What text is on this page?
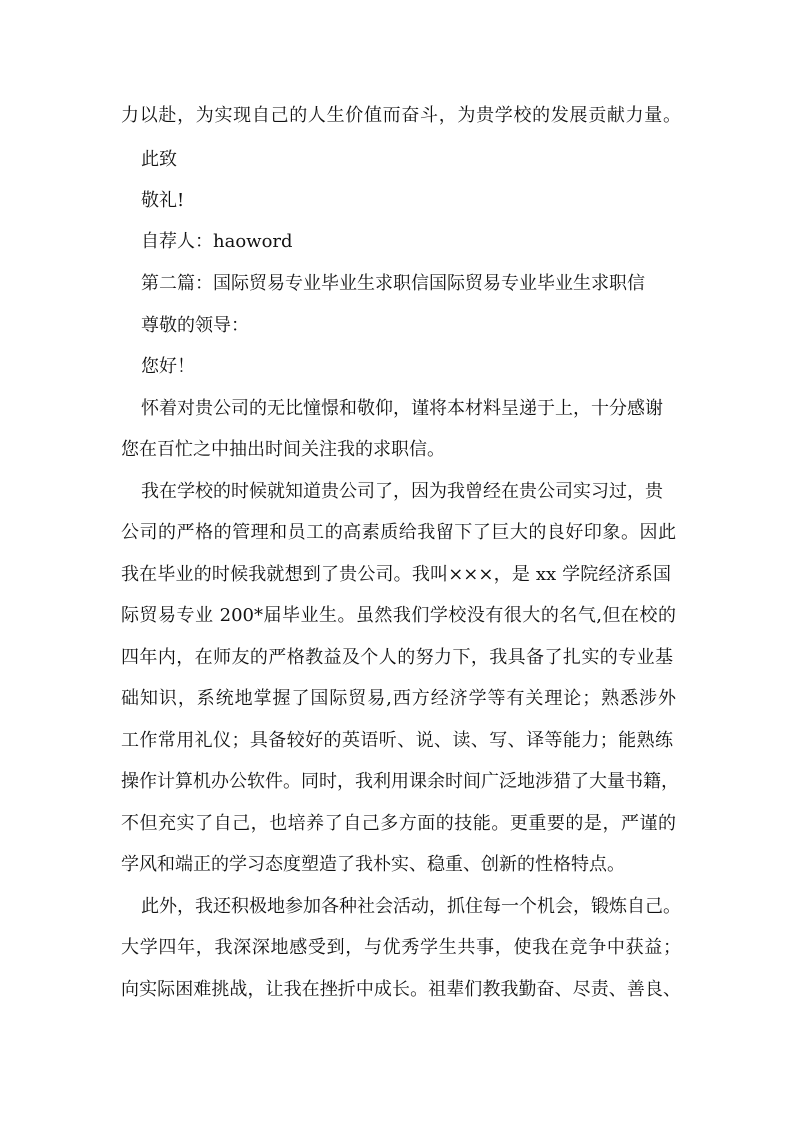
力以赴，为实现自己的人生价值而奋斗，为贵学校的发展贡献力量。
此致
敬礼!
自荐人：haoword
第二篇：国际贸易专业毕业生求职信国际贸易专业毕业生求职信
尊敬的领导：
您好！
怀着对贵公司的无比憧憬和敬仰，谨将本材料呈递于上，十分感谢
您在百忙之中抽出时间关注我的求职信。
我在学校的时候就知道贵公司了，因为我曾经在贵公司实习过，贵
公司的严格的管理和员工的高素质给我留下了巨大的良好印象。因此
我在毕业的时候我就想到了贵公司。我叫×××，是 xx 学院经济系国
际贸易专业 200*届毕业生。虽然我们学校没有很大的名气,但在校的
四年内，在师友的严格教益及个人的努力下，我具备了扎实的专业基
础知识，系统地掌握了国际贸易,西方经济学等有关理论；熟悉涉外
工作常用礼仪；具备较好的英语听、说、读、写、译等能力；能熟练
操作计算机办公软件。同时，我利用课余时间广泛地涉猎了大量书籍，
不但充实了自己，也培养了自己多方面的技能。更重要的是，严谨的
学风和端正的学习态度塑造了我朴实、稳重、创新的性格特点。
此外，我还积极地参加各种社会活动，抓住每一个机会，锻炼自己。
大学四年，我深深地感受到，与优秀学生共事，使我在竞争中获益；
向实际困难挑战，让我在挫折中成长。祖辈们教我勤奋、尽责、善良、
